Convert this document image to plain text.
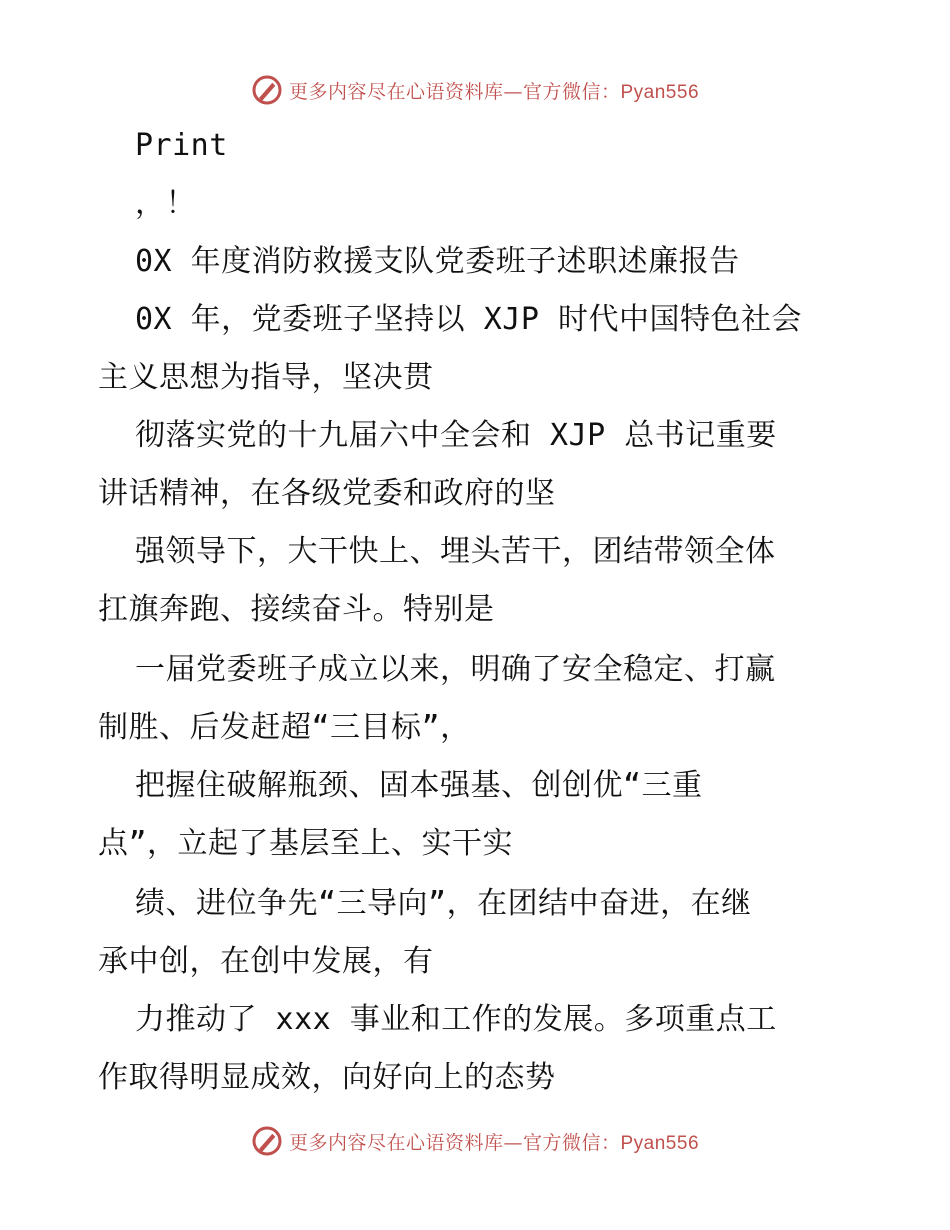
更多内容尽在心语资料库—官方微信：Pyan556
Print
，！
0X 年度消防救援支队党委班子述职述廉报告
0X 年，党委班子坚持以 XJP 时代中国特色社会
主义思想为指导，坚决贯
彻落实党的十九届六中全会和 XJP 总书记重要
讲话精神，在各级党委和政府的坚
强领导下，大干快上、埋头苦干，团结带领全体
扛旗奔跑、接续奋斗。特别是
一届党委班子成立以来，明确了安全稳定、打赢
制胜、后发赶超“三目标”，
把握住破解瓶颈、固本强基、创创优“三重
点”，立起了基层至上、实干实
绩、进位争先“三导向”，在团结中奋进，在继
承中创，在创中发展，有
力推动了 xxx 事业和工作的发展。多项重点工
作取得明显成效，向好向上的态势
更多内容尽在心语资料库—官方微信：Pyan556
